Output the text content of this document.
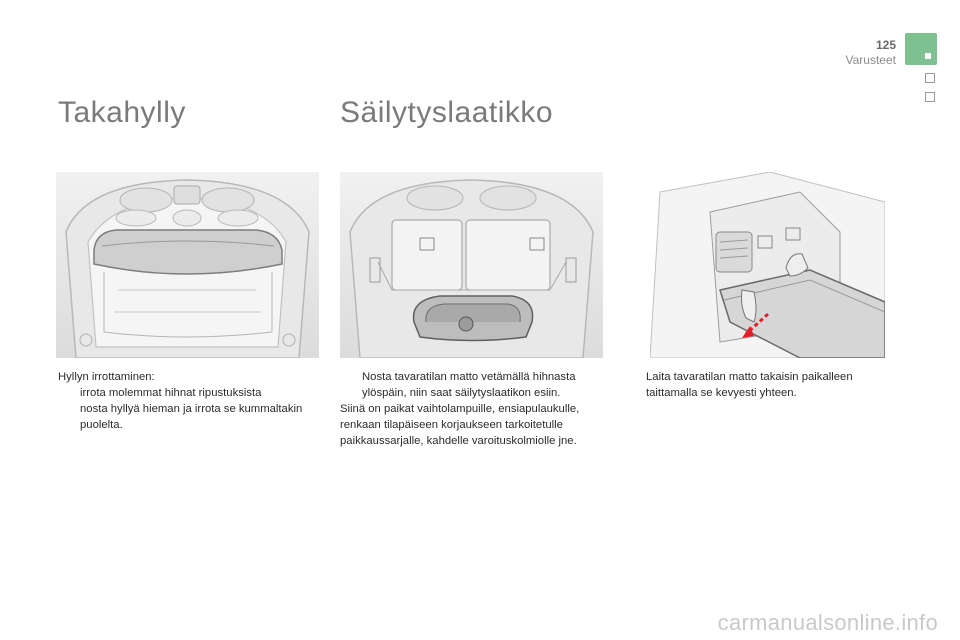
125
Varusteet
Takahylly	Säilytyslaatikko
Hyllyn irrottaminen:
irrota molemmat hihnat ripustuksista
nosta hyllyä hieman ja irrota se kummaltakin puolelta.
Nosta tavaratilan matto vetämällä hihnasta ylöspäin, niin saat säilytyslaatikon esiin.
Siinä on paikat vaihtolampuille, ensiapulaukulle, renkaan tilapäiseen korjaukseen tarkoitetulle paikkaussarjalle, kahdelle varoituskolmiolle jne.
Laita tavaratilan matto takaisin paikalleen taittamalla se kevyesti yhteen.
carmanualsonline.info
